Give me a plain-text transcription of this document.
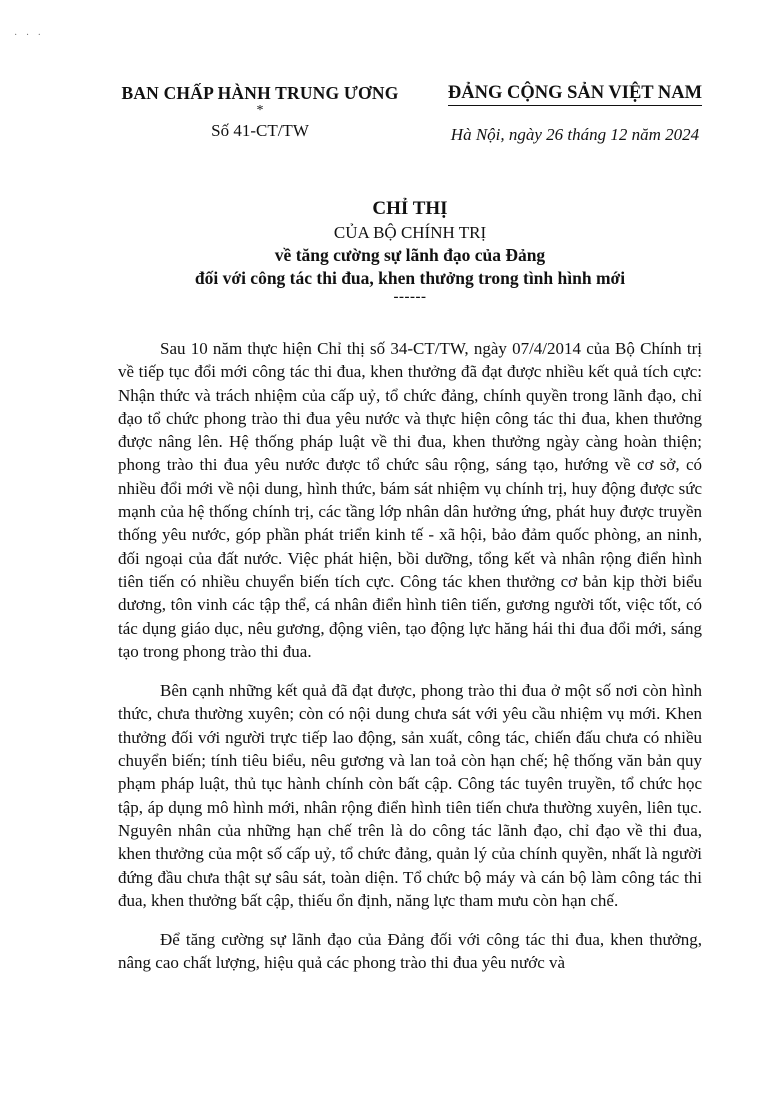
· · ·
BAN CHẤP HÀNH TRUNG ƯƠNG
*
Số 41-CT/TW
ĐẢNG CỘNG SẢN VIỆT NAM
Hà Nội, ngày 26 tháng 12 năm 2024
CHỈ THỊ
CỦA BỘ CHÍNH TRỊ
về tăng cường sự lãnh đạo của Đảng
đối với công tác thi đua, khen thưởng trong tình hình mới
------

Sau 10 năm thực hiện Chỉ thị số 34-CT/TW, ngày 07/4/2014 của Bộ Chính trị về tiếp tục đổi mới công tác thi đua, khen thưởng đã đạt được nhiều kết quả tích cực: Nhận thức và trách nhiệm của cấp uỷ, tổ chức đảng, chính quyền trong lãnh đạo, chỉ đạo tổ chức phong trào thi đua yêu nước và thực hiện công tác thi đua, khen thưởng được nâng lên. Hệ thống pháp luật về thi đua, khen thưởng ngày càng hoàn thiện; phong trào thi đua yêu nước được tổ chức sâu rộng, sáng tạo, hướng về cơ sở, có nhiều đổi mới về nội dung, hình thức, bám sát nhiệm vụ chính trị, huy động được sức mạnh của hệ thống chính trị, các tầng lớp nhân dân hưởng ứng, phát huy được truyền thống yêu nước, góp phần phát triển kinh tế - xã hội, bảo đảm quốc phòng, an ninh, đối ngoại của đất nước. Việc phát hiện, bồi dưỡng, tổng kết và nhân rộng điển hình tiên tiến có nhiều chuyển biến tích cực. Công tác khen thưởng cơ bản kịp thời biểu dương, tôn vinh các tập thể, cá nhân điển hình tiên tiến, gương người tốt, việc tốt, có tác dụng giáo dục, nêu gương, động viên, tạo động lực hăng hái thi đua đổi mới, sáng tạo trong phong trào thi đua.

Bên cạnh những kết quả đã đạt được, phong trào thi đua ở một số nơi còn hình thức, chưa thường xuyên; còn có nội dung chưa sát với yêu cầu nhiệm vụ mới. Khen thưởng đối với người trực tiếp lao động, sản xuất, công tác, chiến đấu chưa có nhiều chuyển biến; tính tiêu biểu, nêu gương và lan toả còn hạn chế; hệ thống văn bản quy phạm pháp luật, thủ tục hành chính còn bất cập. Công tác tuyên truyền, tổ chức học tập, áp dụng mô hình mới, nhân rộng điển hình tiên tiến chưa thường xuyên, liên tục. Nguyên nhân của những hạn chế trên là do công tác lãnh đạo, chỉ đạo về thi đua, khen thưởng của một số cấp uỷ, tổ chức đảng, quản lý của chính quyền, nhất là người đứng đầu chưa thật sự sâu sát, toàn diện. Tổ chức bộ máy và cán bộ làm công tác thi đua, khen thưởng bất cập, thiếu ổn định, năng lực tham mưu còn hạn chế.

Để tăng cường sự lãnh đạo của Đảng đối với công tác thi đua, khen thưởng, nâng cao chất lượng, hiệu quả các phong trào thi đua yêu nước và
